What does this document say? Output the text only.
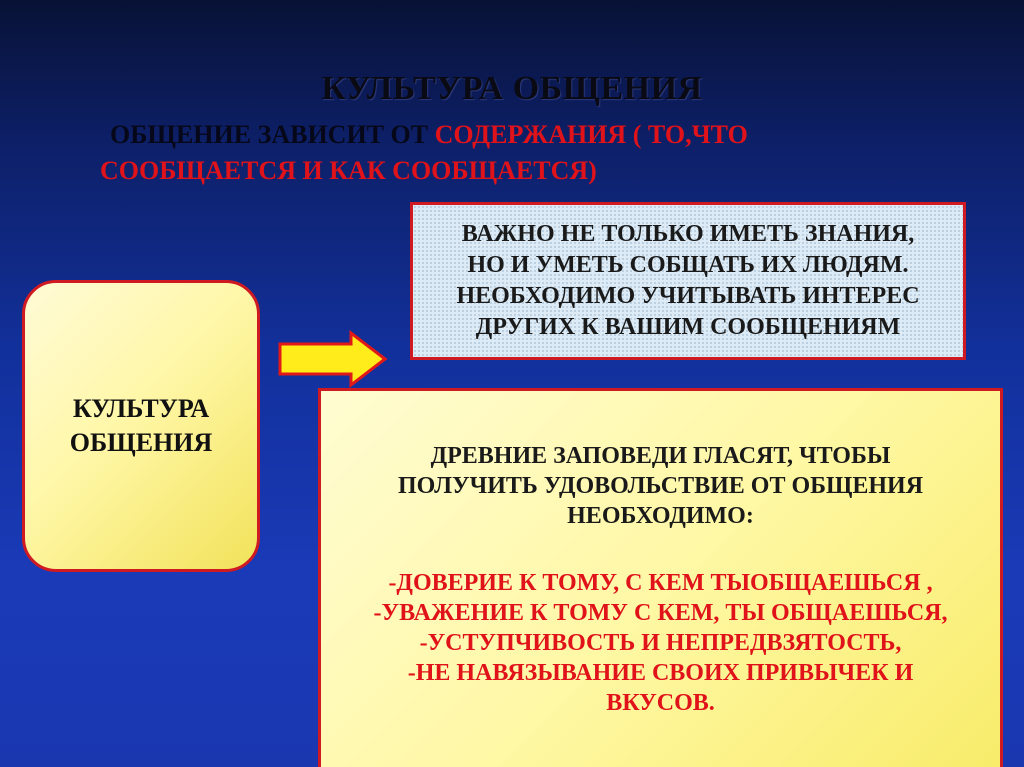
КУЛЬТУРА ОБЩЕНИЯ
ОБЩЕНИЕ ЗАВИСИТ ОТ СОДЕРЖАНИЯ ( ТО,ЧТО
СООБЩАЕТСЯ И КАК СООБЩАЕТСЯ)
ВАЖНО НЕ ТОЛЬКО ИМЕТЬ ЗНАНИЯ,
НО И УМЕТЬ СОБЩАТЬ ИХ ЛЮДЯМ.
НЕОБХОДИМО УЧИТЫВАТЬ ИНТЕРЕС
ДРУГИХ К ВАШИМ СООБЩЕНИЯМ
КУЛЬТУРА
ОБЩЕНИЯ	ДРЕВНИЕ ЗАПОВЕДИ ГЛАСЯТ, ЧТОБЫ
ПОЛУЧИТЬ УДОВОЛЬСТВИЕ ОТ ОБЩЕНИЯ
НЕОБХОДИМО:
-ДОВЕРИЕ К ТОМУ, С КЕМ ТЫОБЩАЕШЬСЯ ,
-УВАЖЕНИЕ К ТОМУ С КЕМ, ТЫ ОБЩАЕШЬСЯ,
-УСТУПЧИВОСТЬ И НЕПРЕДВЗЯТОСТЬ,
-НЕ НАВЯЗЫВАНИЕ СВОИХ ПРИВЫЧЕК И
ВКУСОВ.
